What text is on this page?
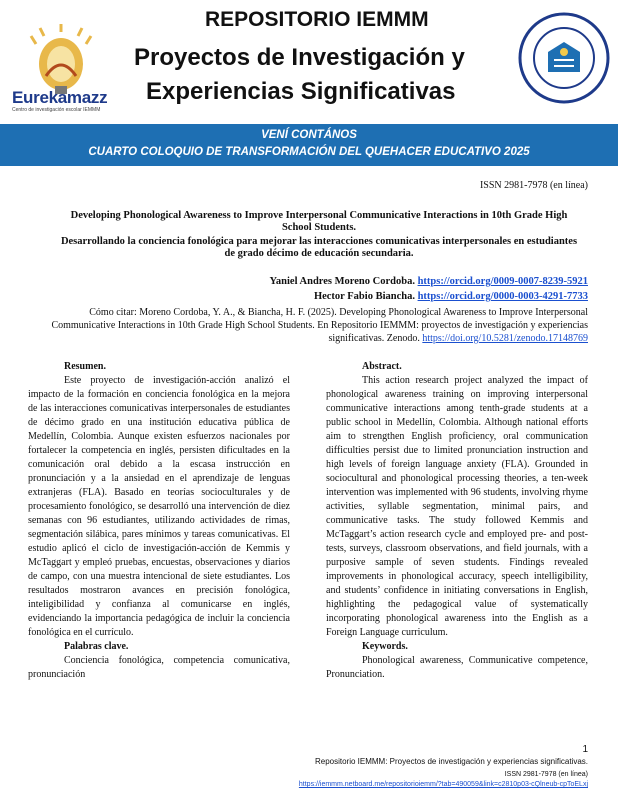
Eurekamazz
Centro de investigación escolar IEMMM
REPOSITORIO IEMMM
Proyectos de Investigación y
Experiencias Significativas
VENÍ CONTÁNOS
CUARTO COLOQUIO DE TRANSFORMACIÓN DEL QUEHACER EDUCATIVO 2025
ISSN 2981-7978 (en línea)
Developing Phonological Awareness to Improve Interpersonal Communicative Interactions in 10th Grade High School Students.
Desarrollando la conciencia fonológica para mejorar las interacciones comunicativas interpersonales en estudiantes de grado décimo de educación secundaria.
Yaniel Andres Moreno Cordoba. https://orcid.org/0009-0007-8239-5921
Hector Fabio Biancha. https://orcid.org/0000-0003-4291-7733
Cómo citar: Moreno Cordoba, Y. A., & Biancha, H. F. (2025). Developing Phonological Awareness to Improve Interpersonal Communicative Interactions in 10th Grade High School Students. En Repositorio IEMMM: proyectos de investigación y experiencias significativas. Zenodo. https://doi.org/10.5281/zenodo.17148769
Resumen.

Este proyecto de investigación-acción analizó el impacto de la formación en conciencia fonológica en la mejora de las interacciones comunicativas interpersonales de estudiantes de décimo grado en una institución educativa pública de Medellín, Colombia. Aunque existen esfuerzos nacionales por fortalecer la competencia en inglés, persisten dificultades en la comunicación oral debido a la escasa instrucción en pronunciación y a la ansiedad en el aprendizaje de lenguas extranjeras (FLA). Basado en teorías socioculturales y de procesamiento fonológico, se desarrolló una intervención de diez semanas con 96 estudiantes, utilizando actividades de rimas, segmentación silábica, pares mínimos y tareas comunicativas. El estudio aplicó el ciclo de investigación-acción de Kemmis y McTaggart y empleó pruebas, encuestas, observaciones y diarios de campo, con una muestra intencional de siete estudiantes. Los resultados mostraron avances en precisión fonológica, inteligibilidad y confianza al comunicarse en inglés, evidenciando la importancia pedagógica de incluir la conciencia fonológica en el currículo.

Palabras clave.

Conciencia fonológica, competencia comunicativa, pronunciación

Abstract.

This action research project analyzed the impact of phonological awareness training on improving interpersonal communicative interactions among tenth-grade students at a public school in Medellín, Colombia. Although national efforts aim to strengthen English proficiency, oral communication difficulties persist due to limited pronunciation instruction and high levels of foreign language anxiety (FLA). Grounded in sociocultural and phonological processing theories, a ten-week intervention was implemented with 96 students, involving rhyme activities, syllable segmentation, minimal pairs, and communicative tasks. The study followed Kemmis and McTaggart’s action research cycle and employed pre- and post-tests, surveys, classroom observations, and field journals, with a purposive sample of seven students. Findings revealed improvements in phonological accuracy, speech intelligibility, and students’ confidence in initiating conversations in English, highlighting the pedagogical value of systematically incorporating phonological awareness into the English as a Foreign Language curriculum.

Keywords.

Phonological awareness, Communicative competence, Pronunciation.

1
Repositorio IEMMM: Proyectos de investigación y experiencias significativas.
ISSN 2981-7978 (en línea)
https://iemmm.netboard.me/repositorioiemm/?tab=490059&link=c2810p03-cQlneub-cpToELxj
